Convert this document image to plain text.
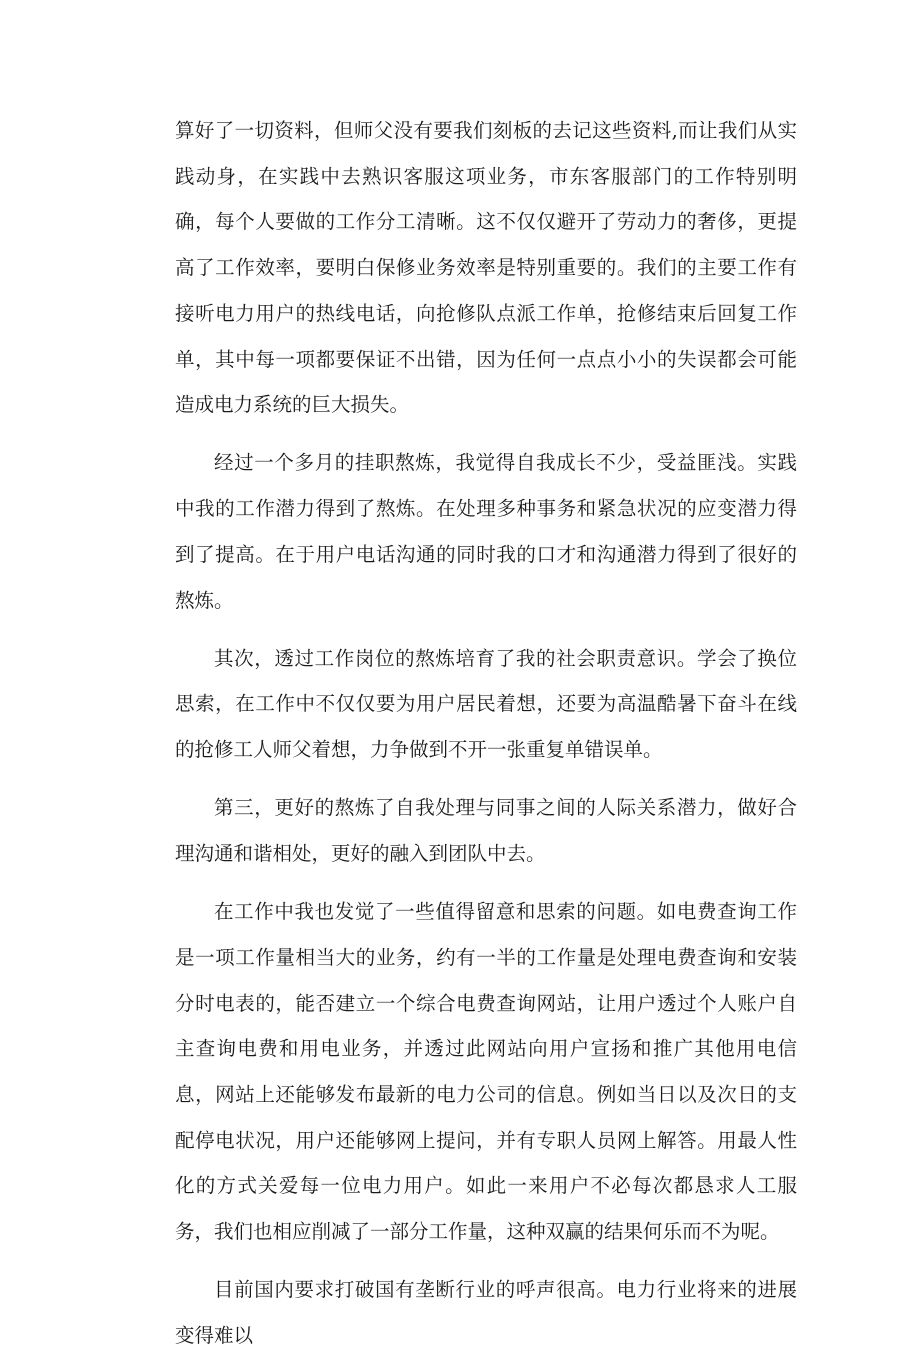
算好了一切资料，但师父没有要我们刻板的去记这些资料,而让我们从实践动身，在实践中去熟识客服这项业务，市东客服部门的工作特别明确，每个人要做的工作分工清晰。这不仅仅避开了劳动力的奢侈，更提高了工作效率，要明白保修业务效率是特别重要的。我们的主要工作有接听电力用户的热线电话，向抢修队点派工作单，抢修结束后回复工作单，其中每一项都要保证不出错，因为任何一点点小小的失误都会可能造成电力系统的巨大损失。

经过一个多月的挂职熬炼，我觉得自我成长不少，受益匪浅。实践中我的工作潜力得到了熬炼。在处理多种事务和紧急状况的应变潜力得到了提高。在于用户电话沟通的同时我的口才和沟通潜力得到了很好的熬炼。

其次，透过工作岗位的熬炼培育了我的社会职责意识。学会了换位思索，在工作中不仅仅要为用户居民着想，还要为高温酷暑下奋斗在线的抢修工人师父着想，力争做到不开一张重复单错误单。

第三，更好的熬炼了自我处理与同事之间的人际关系潜力，做好合理沟通和谐相处，更好的融入到团队中去。

在工作中我也发觉了一些值得留意和思索的问题。如电费查询工作是一项工作量相当大的业务，约有一半的工作量是处理电费查询和安装分时电表的，能否建立一个综合电费查询网站，让用户透过个人账户自主查询电费和用电业务，并透过此网站向用户宣扬和推广其他用电信息，网站上还能够发布最新的电力公司的信息。例如当日以及次日的支配停电状况，用户还能够网上提问，并有专职人员网上解答。用最人性化的方式关爱每一位电力用户。如此一来用户不必每次都恳求人工服务，我们也相应削减了一部分工作量，这种双赢的结果何乐而不为呢。

目前国内要求打破国有垄断行业的呼声很高。电力行业将来的进展变得难以
